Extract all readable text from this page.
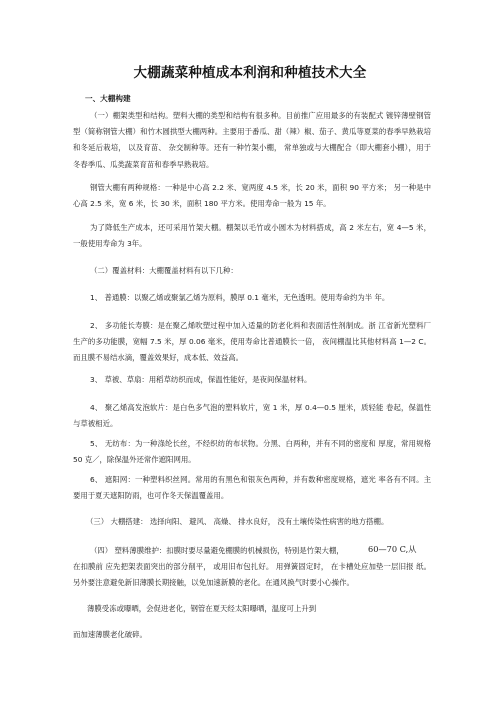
大棚蔬菜种植成本利润和种植技术大全
一、大棚构建
（一）棚架类型和结构。塑料大棚的类型和结构有很多种。目前推广应用最多的有装配式 镀锌薄壁钢管型（简称钢管大棚）和竹木圆拱型大棚两种。主要用于番瓜、甜（辣）椒、茄子、黄瓜等夏菜的春季早熟栽培和冬延后栽培， 以及育苗、 杂交制种等。还有一种竹架小棚， 常单独或与大棚配合（即大棚套小棚），用于冬春季瓜、瓜类蔬菜育苗和春季早熟栽培。
钢管大棚有两种规格：一种是中心高 2.2 米、宽两度 4.5 米，长 20 米，面积 90 平方米； 另一种是中心高 2.5 米，宽 6 米，长 30 米，面积 180 平方米。使用寿命一般为 15 年。
为了降低生产成本，还可采用竹架大棚。棚架以毛竹或小圆木为材料搭成，高 2 米左右，宽 4—5 米，一般使用寿命为 3年。
（二）覆盖材料：大棚覆盖材料有以下几种：
1、 普通膜：以聚乙烯或聚氯乙烯为原料，膜厚 0.1 毫米，无色透明。使用寿命约为半 年。
2、 多功能长寿膜：是在聚乙烯吹塑过程中加入适量的防老化料和表面活性剂制成。浙 江省新光塑料厂生产的多功能膜，宽幅 7.5 米，厚 0.06 毫米，使用寿命比普通膜长一倍， 夜间棚温比其他材料高 1—2 C。而且膜不易结水滴，覆盖效果好，成本低、效益高。
3、 草被、草扇：用稻草纺织而成，保温性能好，是夜间保温材料。
4、 聚乙烯高发泡软片：是白色多气泡的塑料软片，宽 1 米，厚 0.4—0.5 厘米，质轻能 卷起，保温性与草被相近。
5、 无纺布：为一种涤纶长丝，不经织纺的布状物。分黑、白两种，并有不同的密度和 厚度，常用规格 50 克／，除保温外还常作遮阳网用。
6、 遮阳网：一种塑料织丝网。常用的有黑色和银灰色两种，并有数种密度规格，遮光 率各有不同。主要用于夏天遮阳防雨，也可作冬天保温覆盖用。
（三） 大棚搭建： 选择向阳、 避风、 高燥、 排水良好， 没有土壤传染性病害的地方搭棚。
（四） 塑料薄膜维护：扣膜时要尽量避免棚膜的机械损伤，特别是竹架大棚，	60—70 C,从
在扣膜前 应先把架表面突出的部分削平， 或用旧布包扎好。 用弹簧固定时， 在卡槽处应加垫一层旧报 纸。另外要注意避免新旧薄膜长期接触，以免加速新膜的老化。在通风换气时要小心操作。
薄膜受冻或曝晒，会促进老化，钢管在夏天经太阳曝晒，温度可上升到
而加速薄膜老化破碎。
